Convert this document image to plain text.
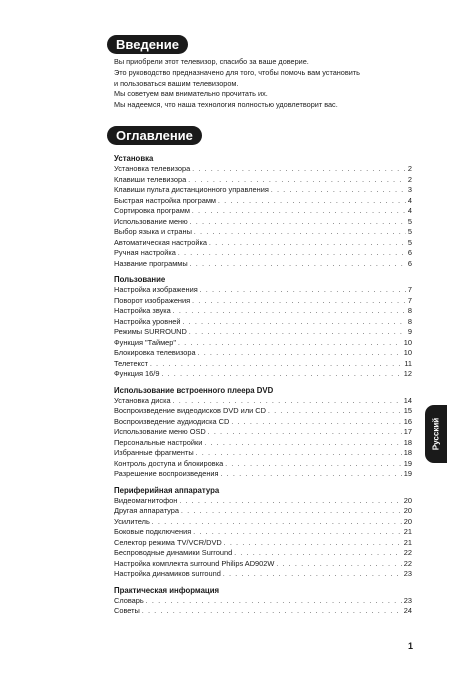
Введение
Вы приобрели этот телевизор, спасибо за ваше доверие.
Это руководство предназначено для того, чтобы помочь вам установить
и пользоваться вашим телевизором.
Мы советуем вам внимательно прочитать их.
Мы надеемся, что наша технология полностью удовлетворит вас.
Оглавление
Установка
Установка телевизора . . .	2
Клавиши телевизора . . .	2
Клавиши пульта дистанционного управления . . .	3
Быстрая настройка программ . . .	4
Сортировка программ . . .	4
Использование меню . . .	5
Выбор языка и страны . . .	5
Автоматическая настройка . . .	5
Ручная настройка . . .	6
Название программы . . .	6
Пользование
Настройка изображения . . .	7
Поворот изображения . . .	7
Настройка звука . . .	8
Настройка уровней . . .	8
Режимы SURROUND . . .	9
Функция "Таймер" . . .	10
Блокировка телевизора . . .	10
Телетекст . . .	11
Функция 16/9 . . .	12
Использование встроенного плеера DVD
Установка диска . . .	14
Воспроизведение видеодисков DVD или CD . . .	15
Воспроизведение аудиодиска CD . . .	16
Использование меню OSD . . .	17
Персональные настройки . . .	18
Избранные фрагменты . . .	18
Контроль доступа и блокировка . . .	19
Разрешение воспроизведения . . .	19
Периферийная аппаратура
Видеомагнитофон . . .	20
Другая аппаратура . . .	20
Усилитель . . .	20
Боковые подключения . . .	21
Селектор режима TV/VCR/DVD . . .	21
Беспроводные динамики Surround . . .	22
Настройка комплекта surround Philips AD902W . . .	22
Настройка динамиков surround . . .	23
Практическая информация
Словарь . . .	23
Советы . . .	24
Русский
1
